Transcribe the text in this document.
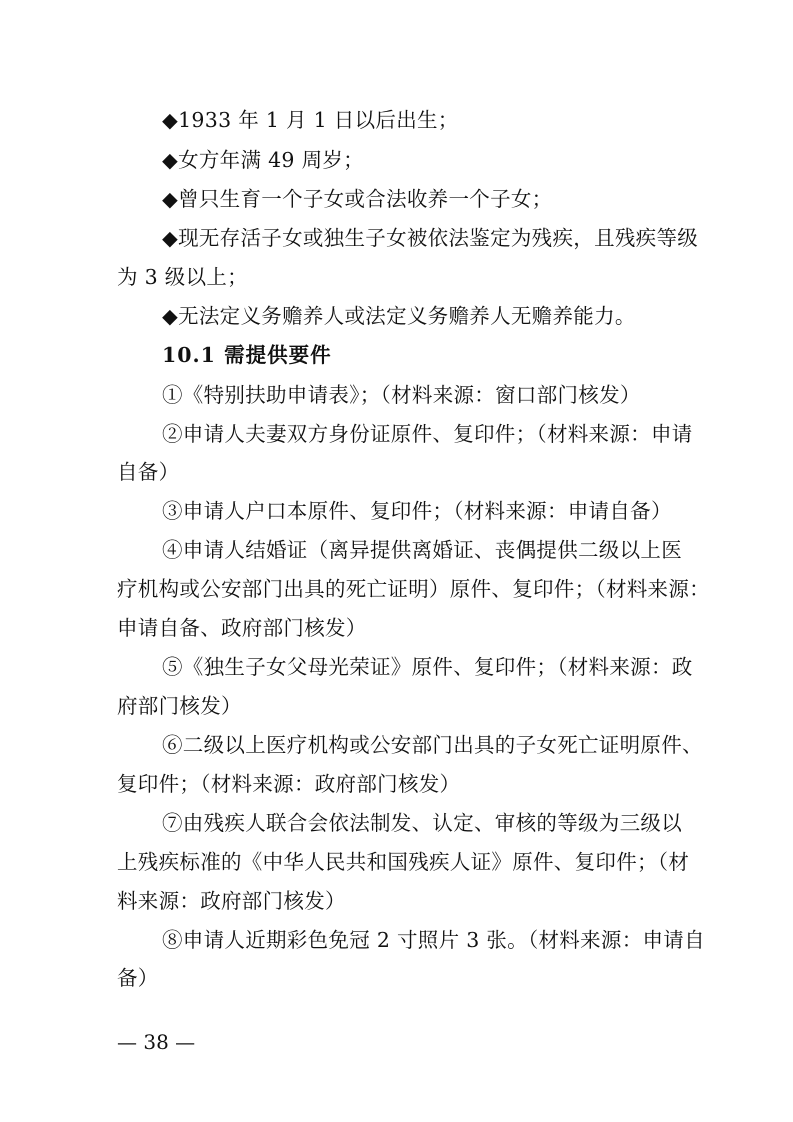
◆1933 年 1 月 1 日以后出生；
◆女方年满 49 周岁；
◆曾只生育一个子女或合法收养一个子女；
◆现无存活子女或独生子女被依法鉴定为残疾，且残疾等级
为 3 级以上；
◆无法定义务赡养人或法定义务赡养人无赡养能力。
10.1 需提供要件
①《特别扶助申请表》；（材料来源：窗口部门核发）
②申请人夫妻双方身份证原件、复印件；（材料来源：申请
自备）
③申请人户口本原件、复印件；（材料来源：申请自备）
④申请人结婚证（离异提供离婚证、丧偶提供二级以上医
疗机构或公安部门出具的死亡证明）原件、复印件；（材料来源：
申请自备、政府部门核发）
⑤《独生子女父母光荣证》原件、复印件；（材料来源：政
府部门核发）
⑥二级以上医疗机构或公安部门出具的子女死亡证明原件、
复印件；（材料来源：政府部门核发）
⑦由残疾人联合会依法制发、认定、审核的等级为三级以
上残疾标准的《中华人民共和国残疾人证》原件、复印件；（材
料来源：政府部门核发）
⑧申请人近期彩色免冠 2 寸照片 3 张。（材料来源：申请自
备）
— 38 —
